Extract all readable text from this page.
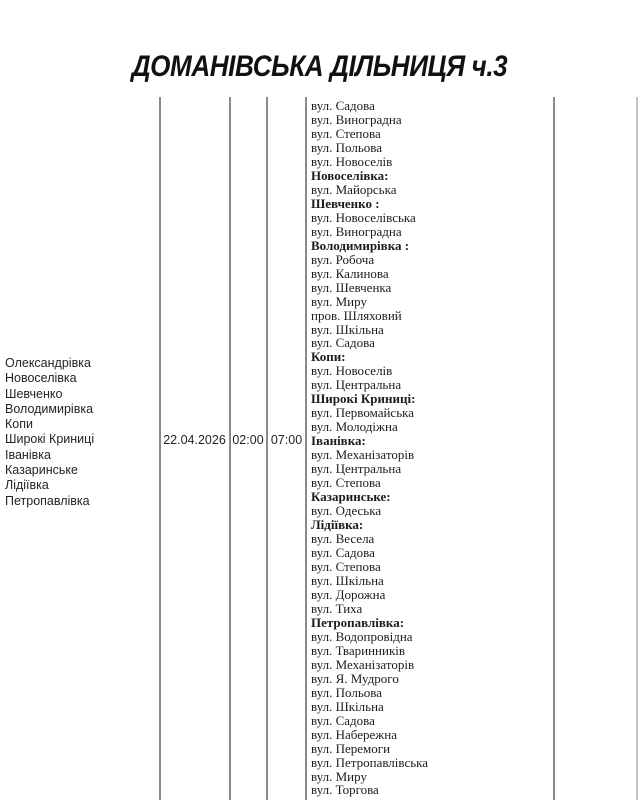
ДОМАНІВСЬКА ДІЛЬНИЦЯ ч.3
Олександрівка
Новоселівка
Шевченко
Володимирівка
Копи
Широкі Криниці
Іванівка
Казаринське
Лідіївка
Петропавлівка
22.04.2026 02:00 07:00
вул. Садова
вул. Виноградна
вул. Степова
вул. Польова
вул. Новоселів
Новоселівка:
вул. Майорська
Шевченко :
вул. Новоселівська
вул. Виноградна
Володимирівка :
вул. Робоча
вул. Калинова
вул. Шевченка
вул. Миру
пров. Шляховий
вул. Шкільна
вул. Садова
Копи:
вул. Новоселів
вул. Центральна
Широкі Криниці:
вул. Первомайська
вул. Молодіжна
Іванівка:
вул. Механізаторів
вул. Центральна
вул. Степова
Казаринське:
вул. Одеська
Лідіївка:
вул. Весела
вул. Садова
вул. Степова
вул. Шкільна
вул. Дорожна
вул. Тиха
Петропавлівка:
вул. Водопровідна
вул. Тваринників
вул. Механізаторів
вул. Я. Мудрого
вул. Польова
вул. Шкільна
вул. Садова
вул. Набережна
вул. Перемоги
вул. Петропавлівська
вул. Миру
вул. Торгова
